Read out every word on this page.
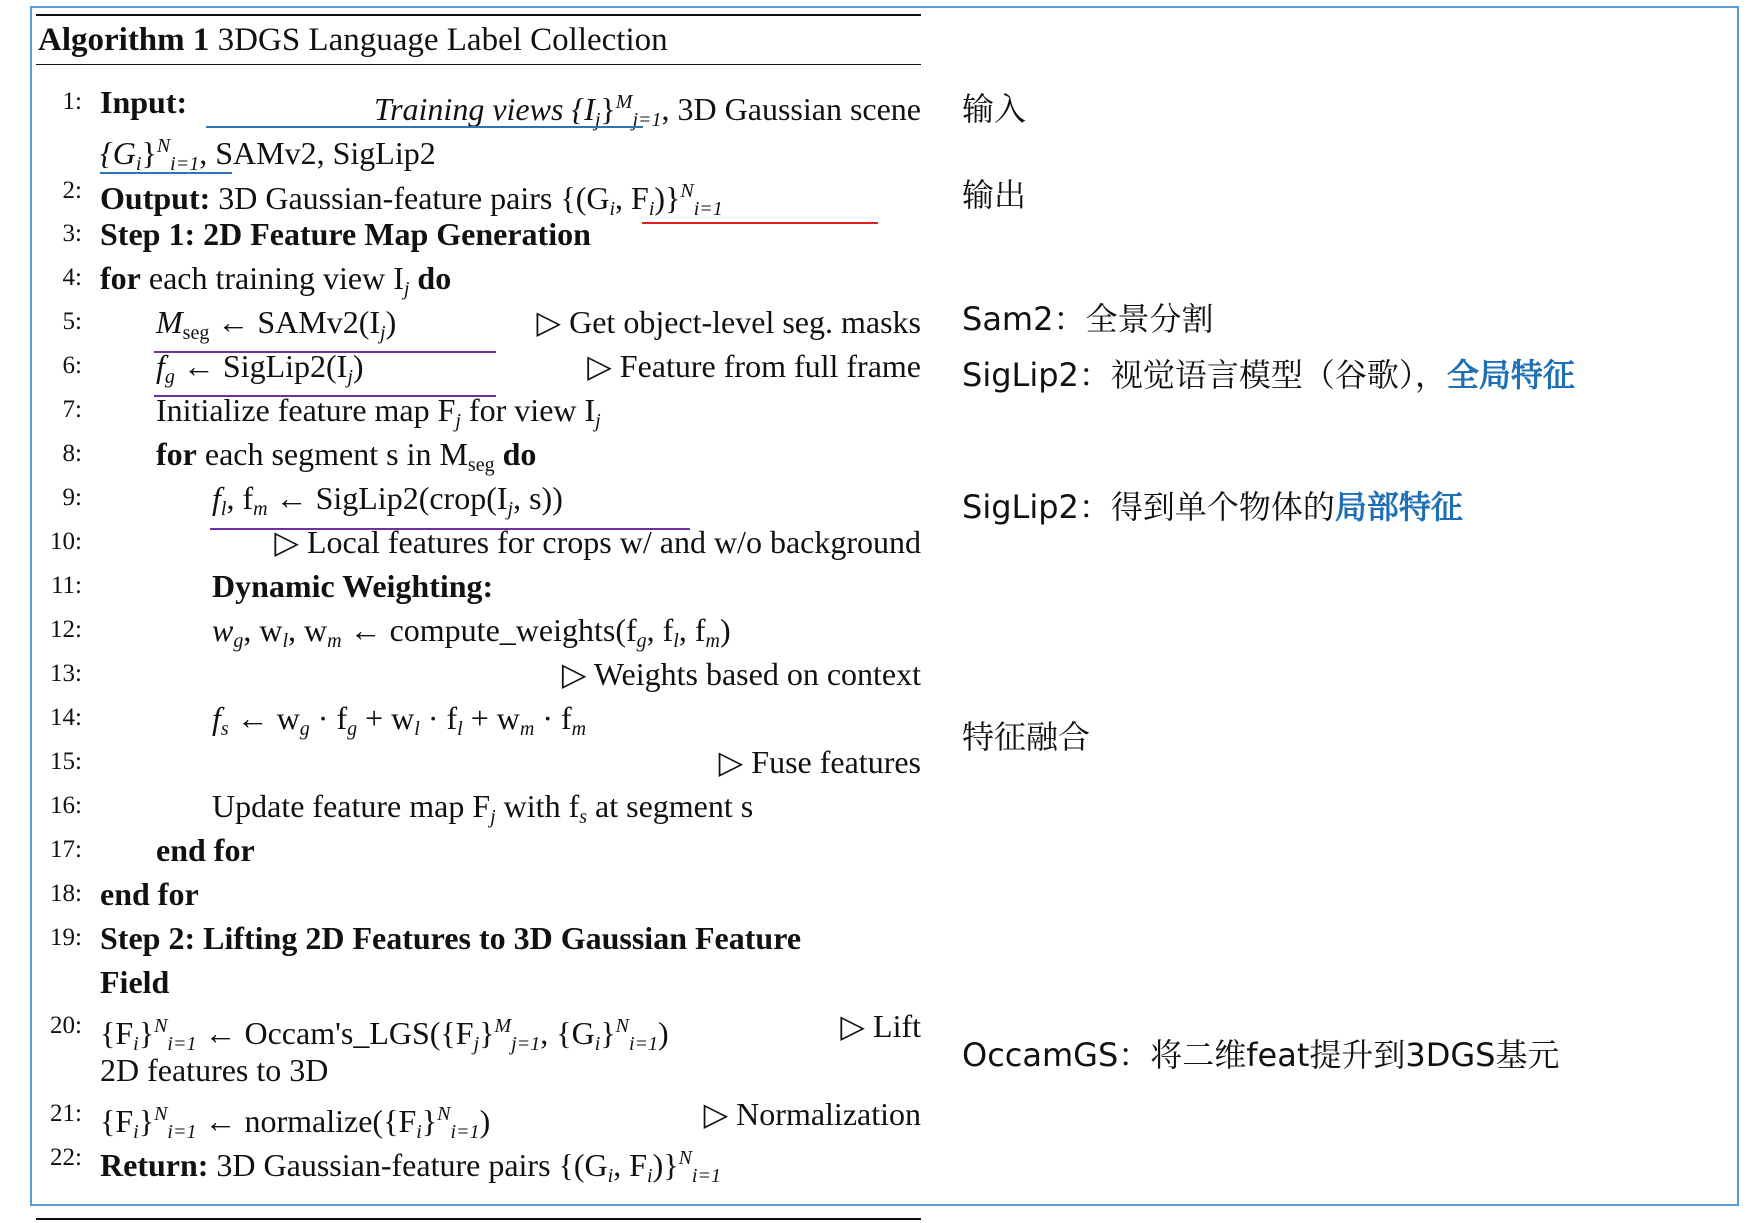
Algorithm 1 3DGS Language Label Collection
1: Input:	Training views $\{I_j\}^M_{j=1}$, 3D Gaussian scene
$\{G_i\}^N_{i=1}$, SAMv2, SigLip2
2: Output: 3D Gaussian-feature pairs {($G_i$, $F_i)\}^N_{i=1}$
3: Step 1: 2D Feature Map Generation
4: for each training view $I_j$ do
5: $M_{seg}$ ← $SAMv2(I_j)$	▷ Get object-level seg. masks
6: $f_g$ ← $SigLip2(I_j)$	▷ Feature from full frame
7: Initialize feature map $F_j$ for view $I_j$
8: for each segment s in $M_{seg}$ do
9:	$f_l$, $f_m$ ← $SigLip2(crop(I_j$, s))
10:	▷ Local features for crops w/ and w/o background
11:	Dynamic Weighting:
12:	$w_g$, $w_l$, $w_m$ ← $compute\_weights(f_g$, $f_l$, $f_m$)
13:	▷ Weights based on context
14:	$f_s$ ← $w_g \cdot f_g + w_l \cdot f_l + w_m \cdot f_m$
15:	▷ Fuse features
16:	Update feature map $F_j$ with $f_s$ at segment s
17: end for
18: end for
19: Step 2: Lifting 2D Features to 3D Gaussian Feature
Field
20: $\{F_i\}^N_{i=1}$ ← $Occam's\_LGS(\{F_j\}^M_{j=1}$, $\{G_i\}^N_{i=1}$)	▷ Lift
2D features to 3D
21: $\{F_i\}^N_{i=1}$ ← $normalize(\{F_i\}^N_{i=1})$	▷ Normalization
22: Return: 3D Gaussian-feature pairs {($G_i$, $F_i)\}^N_{i=1}$
输入
输出
Sam2：全景分割
SigLip2：视觉语言模型（谷歌），全局特征
SigLip2：得到单个物体的局部特征
特征融合
OccamGS：将二维feat提升到3DGS基元
